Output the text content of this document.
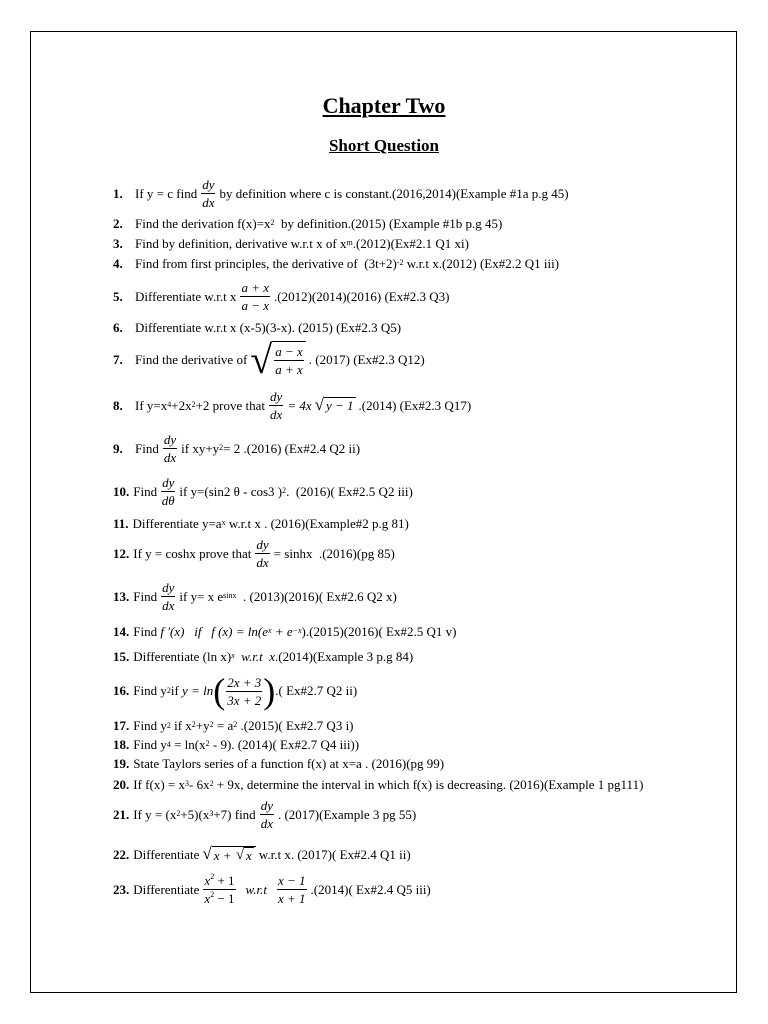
Chapter Two
Short Question
1. If y = c find $\frac{dy}{dx}$ by definition where c is constant.(2016,2014)(Example #1a p.g 45)
2. Find the derivation $f(x)=x^2$ by definition.(2015) (Example #1b p.g 45)
3. Find by definition, derivative w.r.t x of $x^m$ .(2012)(Ex#2.1 Q1 xi)
4. Find from first principles, the derivative of  $(3t+2)^{-2}$ w.r.t x.(2012) (Ex#2.2 Q1 iii)
5. Differentiate w.r.t x $\frac{a + x}{a - x} .(2012)(2014)(2016)$ (Ex#2.3 Q3)
6. Differentiate w.r.t x (x-5)(3-x). (2015) (Ex#2.3 Q5)
7. Find the derivative of √ $\frac{a - x}{a + x}$ . (2017) (Ex#2.3 Q12)
8. If $y=x^4 +2x^2 +2$ prove that $\frac{dy}{dx} = 4x$ √ y − 1 .(2014) (Ex#2.3 Q17)
9. Find $\frac{dy}{dx}$ if $xy+y^2 = 2$ .(2016) (Ex#2.4 Q2 ii)
10. Find $\frac{dy}{d\theta}$ if y=(sin2 θ - cos3 )$^2$ .  (2016)( Ex#2.5 Q2 iii)
11. Differentiate $y=a^x$ w.r.t x . (2016)(Example#2 p.g 81)
12. If y = coshx prove that $\frac{dy}{dx} = \sinh x$  .(2016)(pg 85)
13. Find $\frac{dy}{dx}$ if y= x $e^{sinx}$ . (2013)(2016)( Ex#2.6 Q2 x)
14. Find
f ′(x)   if   f $(x) = \ln(e^x + e^{-x}$ ) .(2015)(2016)( Ex#2.5 Q1 v)
15. Differentiate
(ln x)$^x$ w.r.t  x .(2014)(Example 3 p.g 84)
16. Find y 2 if
y = ln ( $\frac{2x + 3}{3x + 2}$ ) .( Ex#2.7 Q2 ii)
17. Find y 2 if $x^2 +y^2 = a^2$ .(2015)( Ex#2.7 Q3 i)
18. Find y $4 = \ln(x^2 - 9)$. (2014)( Ex#2.7 Q4 iii))
19. State Taylors series of a function f(x) at x=a . (2016)(pg 99)
20. If $f(x) = x^3 - 6x^2 + 9x$, determine the interval in which f(x) is decreasing. (2016)(Example 1 pg111)
21. If $y = (x^2 +5)(x^3 +7)$ find $\frac{dy}{dx}$ . (2017)(Example 3 pg 55)
22. Differentiate √ x + √ x w.r.t x. (2017)( Ex#2.4 Q1 ii)
23. Differentiate $\frac{x^2 + 1}{x^2 - 1} w.r.t \frac{x - 1}{x + 1} .(2014)$( Ex#2.4 Q5 iii)
